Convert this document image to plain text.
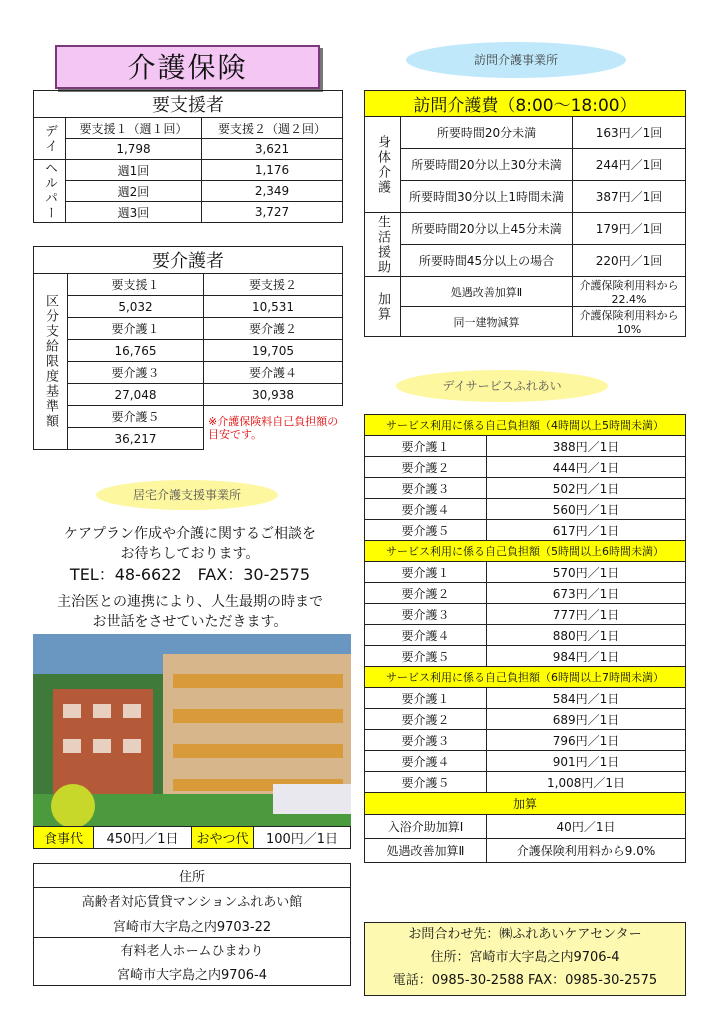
介護保険
要支援者		
デイ	要支援１（週１回）	要支援２（週２回）
	1,798	3,621
ヘルパー	週1回	1,176
	週2回	2,349
	週3回	3,727
要介護者		
区分支給限度基準額	要支援１	要支援２
	5,032	10,531
	要介護１	要介護２
	16,765	19,705
	要介護３	要介護４
	27,048	30,938
	要介護５	※介護保険料自己負担額の目安です。
	36,217	
居宅介護支援事業所
ケアプラン作成や介護に関するご相談を
お待ちしております。
TEL：48-6622　FAX：30-2575
主治医との連携により、人生最期の時まで
お世話をさせていただきます。
食事代	450円／1日	おやつ代	100円／1日
住所
高齢者対応賃貸マンションふれあい館
宮崎市大字島之内9703-22
有料老人ホームひまわり
宮崎市大字島之内9706-4
訪問介護事業所
訪問介護費（8:00〜18:00）		
身体介護	所要時間20分未満	163円／1回
	所要時間20分以上30分未満	244円／1回
	所要時間30分以上1時間未満	387円／1回
生活援助	所要時間20分以上45分未満	179円／1回
	所要時間45分以上の場合	220円／1回
加算	処遇改善加算Ⅱ	介護保険利用料から22.4%
	同一建物減算	介護保険利用料から10%
デイサービスふれあい
サービス利用に係る自己負担額（4時間以上5時間未満）	
要介護１	388円／1日
要介護２	444円／1日
要介護３	502円／1日
要介護４	560円／1日
要介護５	617円／1日
サービス利用に係る自己負担額（5時間以上6時間未満）	
要介護１	570円／1日
要介護２	673円／1日
要介護３	777円／1日
要介護４	880円／1日
要介護５	984円／1日
サービス利用に係る自己負担額（6時間以上7時間未満）	
要介護１	584円／1日
要介護２	689円／1日
要介護３	796円／1日
要介護４	901円／1日
要介護５	1,008円／1日
加算	
入浴介助加算Ⅰ	40円／1日
処遇改善加算Ⅱ	介護保険利用料から9.0%
お問合わせ先：㈱ふれあいケアセンター
住所：宮崎市大字島之内9706-4
電話：0985-30-2588 FAX：0985-30-2575
